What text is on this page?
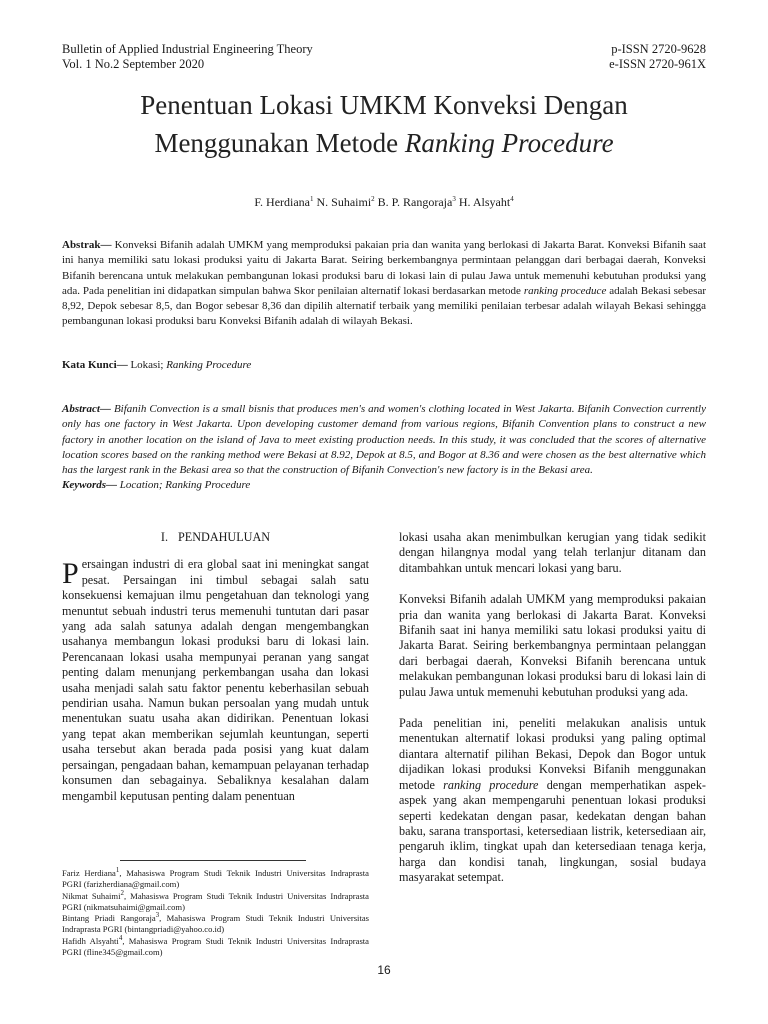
Bulletin of Applied Industrial Engineering Theory
Vol. 1 No.2 September 2020
p-ISSN 2720-9628
e-ISSN 2720-961X
Penentuan Lokasi UMKM Konveksi Dengan
Menggunakan Metode Ranking Procedure
F. Herdiana$^1$ N. Suhaimi$^2$ B. P. Rangoraja$^3$ H. Alsyaht$^4$
Abstrak— Konveksi Bifanih adalah UMKM yang memproduksi pakaian pria dan wanita yang berlokasi di Jakarta Barat. Konveksi Bifanih saat ini hanya memiliki satu lokasi produksi yaitu di Jakarta Barat. Seiring berkembangnya permintaan pelanggan dari berbagai daerah, Konveksi Bifanih berencana untuk melakukan pembangunan lokasi produksi baru di lokasi lain di pulau Jawa untuk memenuhi kebutuhan produksi yang ada. Pada penelitian ini didapatkan simpulan bahwa Skor penilaian alternatif lokasi berdasarkan metode ranking proceduce adalah Bekasi sebesar 8,92, Depok sebesar 8,5, dan Bogor sebesar 8,36 dan dipilih alternatif terbaik yang memiliki penilaian terbesar adalah wilayah Bekasi sehingga pembangunan lokasi produksi baru Konveksi Bifanih adalah di wilayah Bekasi.
Kata Kunci— Lokasi; Ranking Procedure
Abstract— Bifanih Convection is a small bisnis that produces men's and women's clothing located in West Jakarta. Bifanih Convection currently only has one factory in West Jakarta. Upon developing customer demand from various regions, Bifanih Convention plans to construct a new factory in another location on the island of Java to meet existing production needs. In this study, it was concluded that the scores of alternative location scores based on the ranking method were Bekasi at 8.92, Depok at 8.5, and Bogor at 8.36 and were chosen as the best alternative which has the largest rank in the Bekasi area so that the construction of Bifanih Convection's new factory is in the Bekasi area.
Keywords— Location; Ranking Procedure
I. PENDAHULUAN
Persaingan industri di era global saat ini meningkat sangat pesat. Persaingan ini timbul sebagai salah satu konsekuensi kemajuan ilmu pengetahuan dan teknologi yang menuntut sebuah industri terus memenuhi tuntutan dari pasar yang ada salah satunya adalah dengan mengembangkan usahanya membangun lokasi produksi baru di lokasi lain. Perencanaan lokasi usaha mempunyai peranan yang sangat penting dalam menunjang perkembangan usaha dan lokasi usaha menjadi salah satu faktor penentu keberhasilan sebuah pendirian usaha. Namun bukan persoalan yang mudah untuk menentukan suatu usaha akan didirikan. Penentuan lokasi yang tepat akan memberikan sejumlah keuntungan, seperti usaha tersebut akan berada pada posisi yang kuat dalam persaingan, pengadaan bahan, kemampuan pelayanan terhadap konsumen dan sebagainya. Sebaliknya kesalahan dalam mengambil keputusan penting dalam penentuan
Fariz Herdiana$^1$, Mahasiswa Program Studi Teknik Industri Universitas Indraprasta PGRI (farizherdiana@gmail.com)
Nikmat Suhaimi$^2$, Mahasiswa Program Studi Teknik Industri Universitas Indraprasta PGRI (nikmatsuhaimi@gmail.com)
Bintang Priadi Rangoraja$^3$, Mahasiswa Program Studi Teknik Industri Universitas Indraprasta PGRI (bintangpriadi@yahoo.co.id)
Hafidh Alsyahti$^4$, Mahasiswa Program Studi Teknik Industri Universitas Indraprasta PGRI (fline345@gmail.com)
lokasi usaha akan menimbulkan kerugian yang tidak sedikit dengan hilangnya modal yang telah terlanjur ditanam dan ditambahkan untuk mencari lokasi yang baru.
Konveksi Bifanih adalah UMKM yang memproduksi pakaian pria dan wanita yang berlokasi di Jakarta Barat. Konveksi Bifanih saat ini hanya memiliki satu lokasi produksi yaitu di Jakarta Barat. Seiring berkembangnya permintaan pelanggan dari berbagai daerah, Konveksi Bifanih berencana untuk melakukan pembangunan lokasi produksi baru di lokasi lain di pulau Jawa untuk memenuhi kebutuhan produksi yang ada.
Pada penelitian ini, peneliti melakukan analisis untuk menentukan alternatif lokasi produksi yang paling optimal diantara alternatif pilihan Bekasi, Depok dan Bogor untuk dijadikan lokasi produksi Konveksi Bifanih menggunakan metode ranking procedure dengan memperhatikan aspek-aspek yang akan mempengaruhi penentuan lokasi produksi seperti kedekatan dengan pasar, kedekatan dengan bahan baku, sarana transportasi, ketersediaan listrik, ketersediaan air, pengaruh iklim, tingkat upah dan ketersediaan tenaga kerja, harga dan kondisi tanah, lingkungan, sosial budaya masyarakat setempat.
16
